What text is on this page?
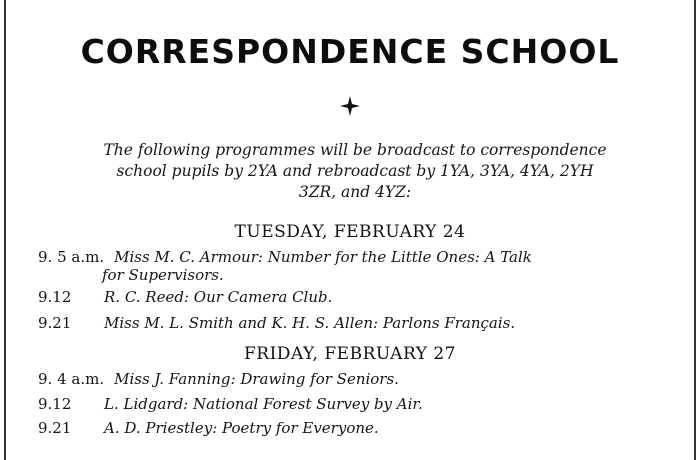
CORRESPONDENCE SCHOOL
The following programmes will be broadcast to correspondence
school pupils by 2YA and rebroadcast by 1YA, 3YA, 4YA, 2YH
3ZR, and 4YZ:
TUESDAY, FEBRUARY 24
9. 5 a.m. Miss M. C. Armour: Number for the Little Ones: A Talk
for Supervisors.
9.12 R. C. Reed: Our Camera Club.
9.21 Miss M. L. Smith and K. H. S. Allen: Parlons Français.
FRIDAY, FEBRUARY 27
9. 4 a.m. Miss J. Fanning: Drawing for Seniors.
9.12 L. Lidgard: National Forest Survey by Air.
9.21 A. D. Priestley: Poetry for Everyone.
